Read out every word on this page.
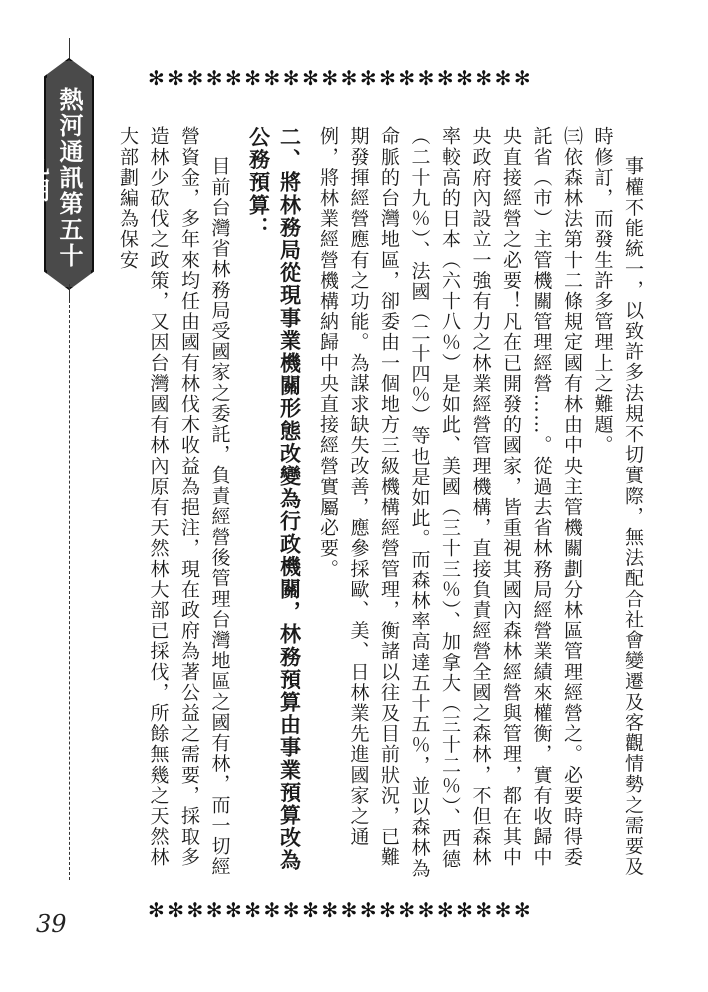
熱河通訊第五十九期
39
✻✻✻✻✻✻✻✻✻✻✻✻✻✻✻✻✻✻✻✻

事權不能統一，以致許多法規不切實際，無法配合社會變遷及客觀情勢之需要及時修訂，而發生許多管理上之難題。

㈢依森林法第十二條規定國有林由中央主管機關劃分林區管理經營之。必要時得委託省（市）主管機關管理經營……。從過去省林務局經營業績來權衡，實有收歸中央直接經營之必要！凡在已開發的國家，皆重視其國內森林經營與管理，都在其中央政府內設立一強有力之林業經營管理機構，直接負責經營全國之森林，不但森林率較高的日本（六十八％）是如此、美國（三十三％）、加拿大（三十二％）、西德 （二十九％）、法國（二十四％）等也是如此。而森林率高達五十五％，並以森林為命脈的台灣地區，卻委由一個地方三級機構經營管理，衡諸以往及目前狀況，已難期發揮經營應有之功能。為謀求缺失改善，應參採歐、美、日林業先進國家之通例，將林業經營機構納歸中央直接經營實屬必要。

二、將林務局從現事業機關形態改變為行政機關，林務預算由事業預算改為公務預算：

目前台灣省林務局受國家之委託，負責經營後管理台灣地區之國有林，而一切經營資金，多年來均任由國有林伐木收益為挹注，現在政府為著公益之需要，採取多造林少砍伐之政策，又因台灣國有林內原有天然林大部已採伐，所餘無幾之天然林大部劃編為保安

✻✻✻✻✻✻✻✻✻✻✻✻✻✻✻✻✻✻✻✻
